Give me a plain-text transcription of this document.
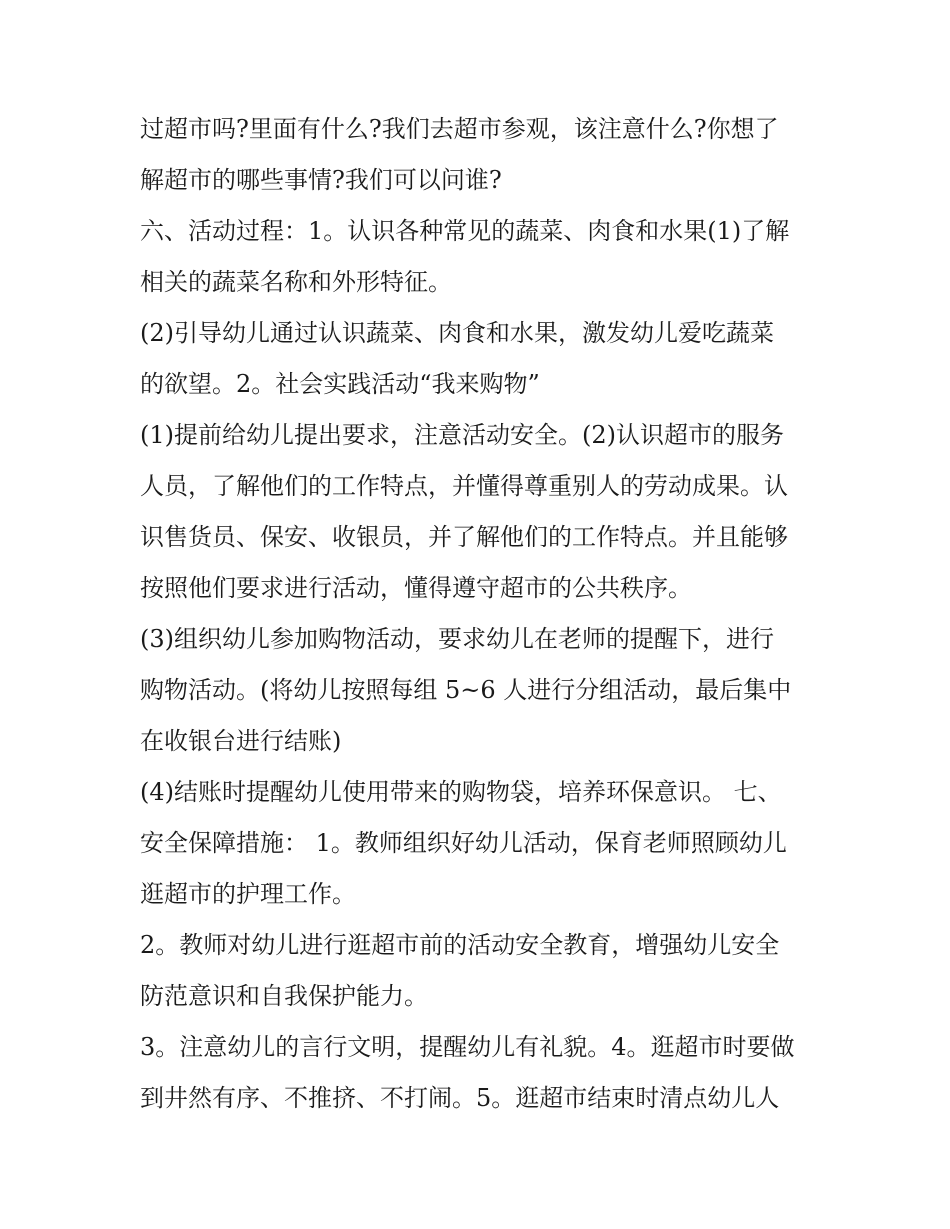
过超市吗?里面有什么?我们去超市参观，该注意什么?你想了
解超市的哪些事情?我们可以问谁?
六、活动过程：1。认识各种常见的蔬菜、肉食和水果(1)了解
相关的蔬菜名称和外形特征。
(2)引导幼儿通过认识蔬菜、肉食和水果，激发幼儿爱吃蔬菜
的欲望。2。社会实践活动“我来购物”
(1)提前给幼儿提出要求，注意活动安全。(2)认识超市的服务
人员，了解他们的工作特点，并懂得尊重别人的劳动成果。认
识售货员、保安、收银员，并了解他们的工作特点。并且能够
按照他们要求进行活动，懂得遵守超市的公共秩序。
(3)组织幼儿参加购物活动，要求幼儿在老师的提醒下，进行
购物活动。(将幼儿按照每组 5~6 人进行分组活动，最后集中
在收银台进行结账)
(4)结账时提醒幼儿使用带来的购物袋，培养环保意识。 七、
安全保障措施： 1。教师组织好幼儿活动，保育老师照顾幼儿
逛超市的护理工作。
2。教师对幼儿进行逛超市前的活动安全教育，增强幼儿安全
防范意识和自我保护能力。
3。注意幼儿的言行文明，提醒幼儿有礼貌。4。逛超市时要做
到井然有序、不推挤、不打闹。5。逛超市结束时清点幼儿人
